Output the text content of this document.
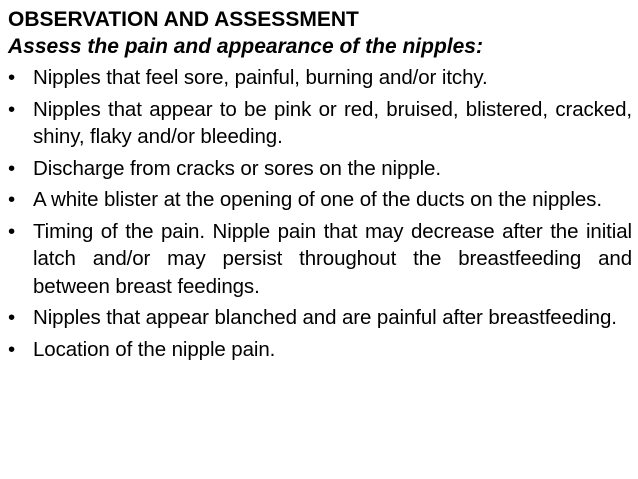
OBSERVATION AND ASSESSMENT
Assess the pain and appearance of the nipples:
• Nipples that feel sore, painful, burning and/or itchy.
• Nipples that appear to be pink or red, bruised, blistered, cracked, shiny, flaky and/or bleeding.
• Discharge from cracks or sores on the nipple.
• A white blister at the opening of one of the ducts on the nipples.
• Timing of the pain. Nipple pain that may decrease after the initial latch and/or may persist throughout the breastfeeding and between breast feedings.
• Nipples that appear blanched and are painful after breastfeeding.
• Location of the nipple pain.
